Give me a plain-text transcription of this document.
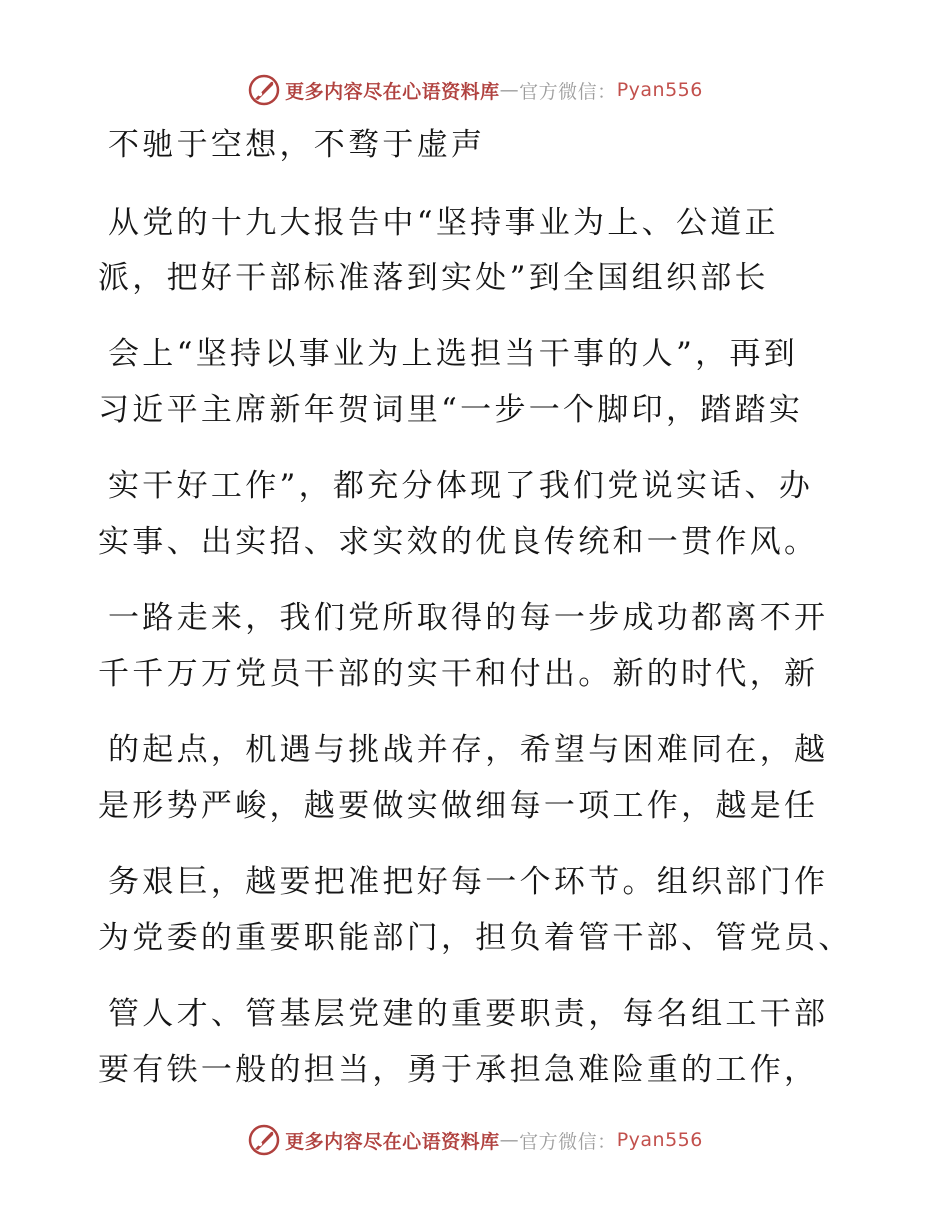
更多内容尽在心语资料库 — 官方微信： Pyan556
不驰于空想，不骛于虚声
从党的十九大报告中“坚持事业为上、公道正
派，把好干部标准落到实处”到全国组织部长
会上“坚持以事业为上选担当干事的人”，再到
习近平主席新年贺词里“一步一个脚印，踏踏实
实干好工作”，都充分体现了我们党说实话、办
实事、出实招、求实效的优良传统和一贯作风。
一路走来，我们党所取得的每一步成功都离不开
千千万万党员干部的实干和付出。新的时代，新
的起点，机遇与挑战并存，希望与困难同在，越
是形势严峻，越要做实做细每一项工作，越是任
务艰巨，越要把准把好每一个环节。组织部门作
为党委的重要职能部门，担负着管干部、管党员、
管人才、管基层党建的重要职责，每名组工干部
要有铁一般的担当，勇于承担急难险重的工作，
更多内容尽在心语资料库 — 官方微信： Pyan556
